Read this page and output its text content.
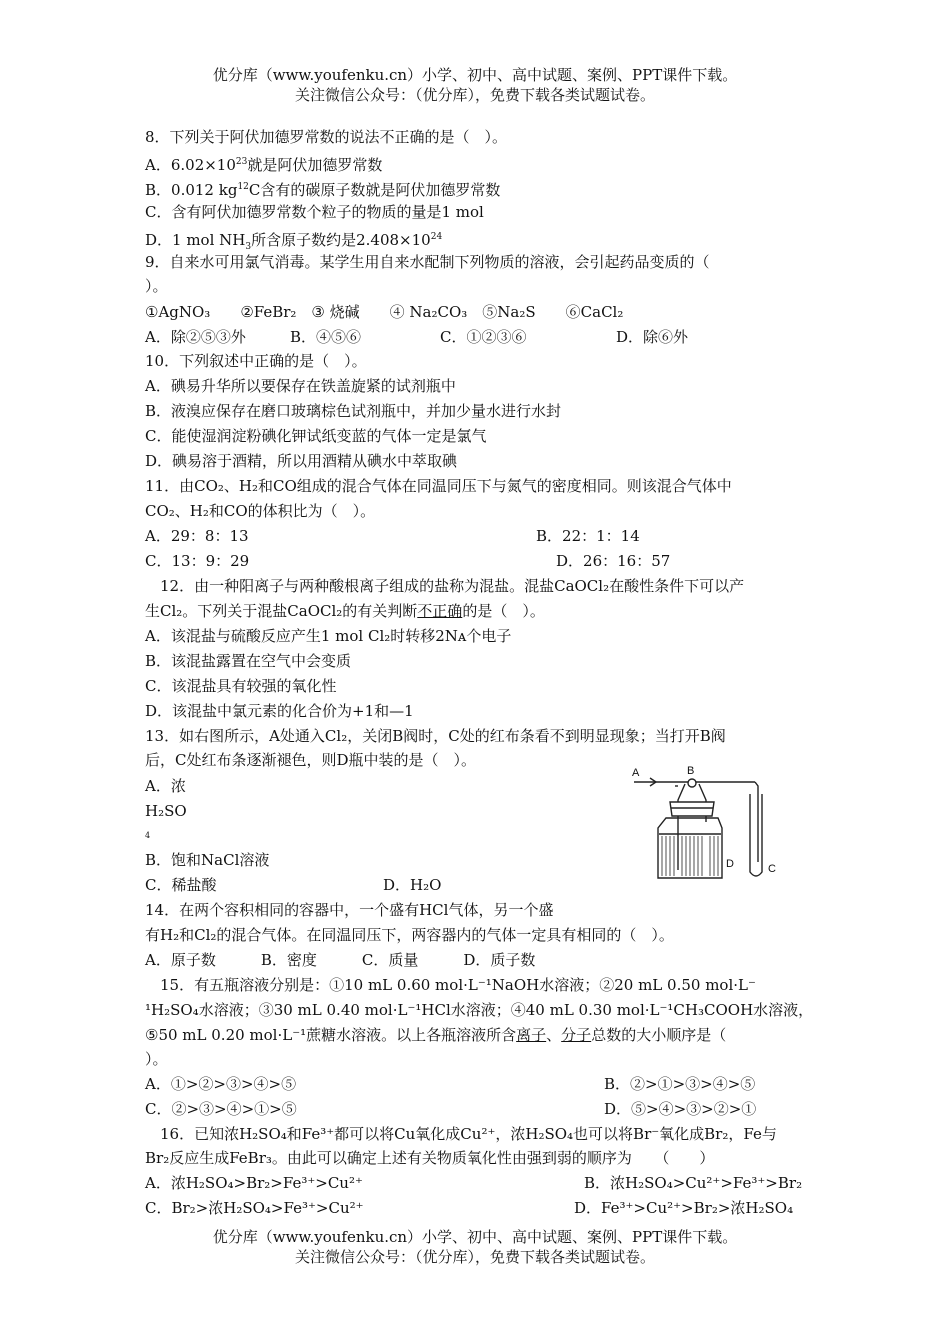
优分库（www.youfenku.cn）小学、初中、高中试题、案例、PPT课件下载。
关注微信公众号：（优分库），免费下载各类试题试卷。
8．下列关于阿伏加德罗常数的说法不正确的是（　）。
A．$6.02\times 10^{23}$就是阿伏加德罗常数
B．0.012 $kg^{12}C$含有的碳原子数就是阿伏加德罗常数
C．含有阿伏加德罗常数个粒子的物质的量是1 mol
D．1 mol $NH_3$所含原子数约是$2.408\times 10^{24}$
9．自来水可用氯气消毒。某学生用自来水配制下列物质的溶液，会引起药品变质的（
）。
①AgNO₃　　②FeBr₂　③ 烧碱　　④ Na₂CO₃　⑤Na₂S　　⑥CaCl₂
A．除②⑤③外	B．④⑤⑥	C．①②③⑥	D．除⑥外
10．下列叙述中正确的是（　）。
A．碘易升华所以要保存在铁盖旋紧的试剂瓶中
B．液溴应保存在磨口玻璃棕色试剂瓶中，并加少量水进行水封
C．能使湿润淀粉碘化钾试纸变蓝的气体一定是氯气
D．碘易溶于酒精，所以用酒精从碘水中萃取碘
11．由CO₂、H₂和CO组成的混合气体在同温同压下与氮气的密度相同。则该混合气体中
CO₂、H₂和CO的体积比为（　）。
A．29：8：13	B．22：1：14
C．13：9：29	D．26：16：57
12．由一种阳离子与两种酸根离子组成的盐称为混盐。混盐CaOCl₂在酸性条件下可以产
生Cl₂。下列关于混盐CaOCl₂的有关判断不正确的是（　）。
A．该混盐与硫酸反应产生1 mol Cl₂时转移2Nᴀ个电子
B．该混盐露置在空气中会变质
C．该混盐具有较强的氧化性
D．该混盐中氯元素的化合价为+1和—1
13．如右图所示，A处通入Cl₂，关闭B阀时，C处的红布条看不到明显现象；当打开B阀
后，C处红布条逐渐褪色，则D瓶中装的是（　）。
A．浓
H₂SO
4
B．饱和NaCl溶液
C．稀盐酸	D．H₂O
A	B
C
D
14．在两个容积相同的容器中，一个盛有HCl气体，另一个盛
有H₂和Cl₂的混合气体。在同温同压下，两容器内的气体一定具有相同的（　）。
A．原子数　　　B．密度　　　C．质量　　　D．质子数
15．有五瓶溶液分别是：①10 mL 0.60 mol·L⁻¹NaOH水溶液；②20 mL 0.50 mol·L⁻
¹H₂SO₄水溶液；③30 mL 0.40 mol·L⁻¹HCl水溶液；④40 mL 0.30 mol·L⁻¹CH₃COOH水溶液，
⑤50 mL 0.20 mol·L⁻¹蔗糖水溶液。以上各瓶溶液所含离子、分子总数的大小顺序是（
）。
A．①>②>③>④>⑤	B．②>①>③>④>⑤
C．②>③>④>①>⑤	D．⑤>④>③>②>①
16．已知浓H₂SO₄和Fe³⁺都可以将Cu氧化成Cu²⁺，浓H₂SO₄也可以将Br⁻氧化成Br₂，Fe与
Br₂反应生成FeBr₃。由此可以确定上述有关物质氧化性由强到弱的顺序为　　（　　）
A．浓H₂SO₄>Br₂>Fe³⁺>Cu²⁺	B．浓H₂SO₄>Cu²⁺>Fe³⁺>Br₂
C．Br₂>浓H₂SO₄>Fe³⁺>Cu²⁺	D．Fe³⁺>Cu²⁺>Br₂>浓H₂SO₄
优分库（www.youfenku.cn）小学、初中、高中试题、案例、PPT课件下载。
关注微信公众号：（优分库），免费下载各类试题试卷。
